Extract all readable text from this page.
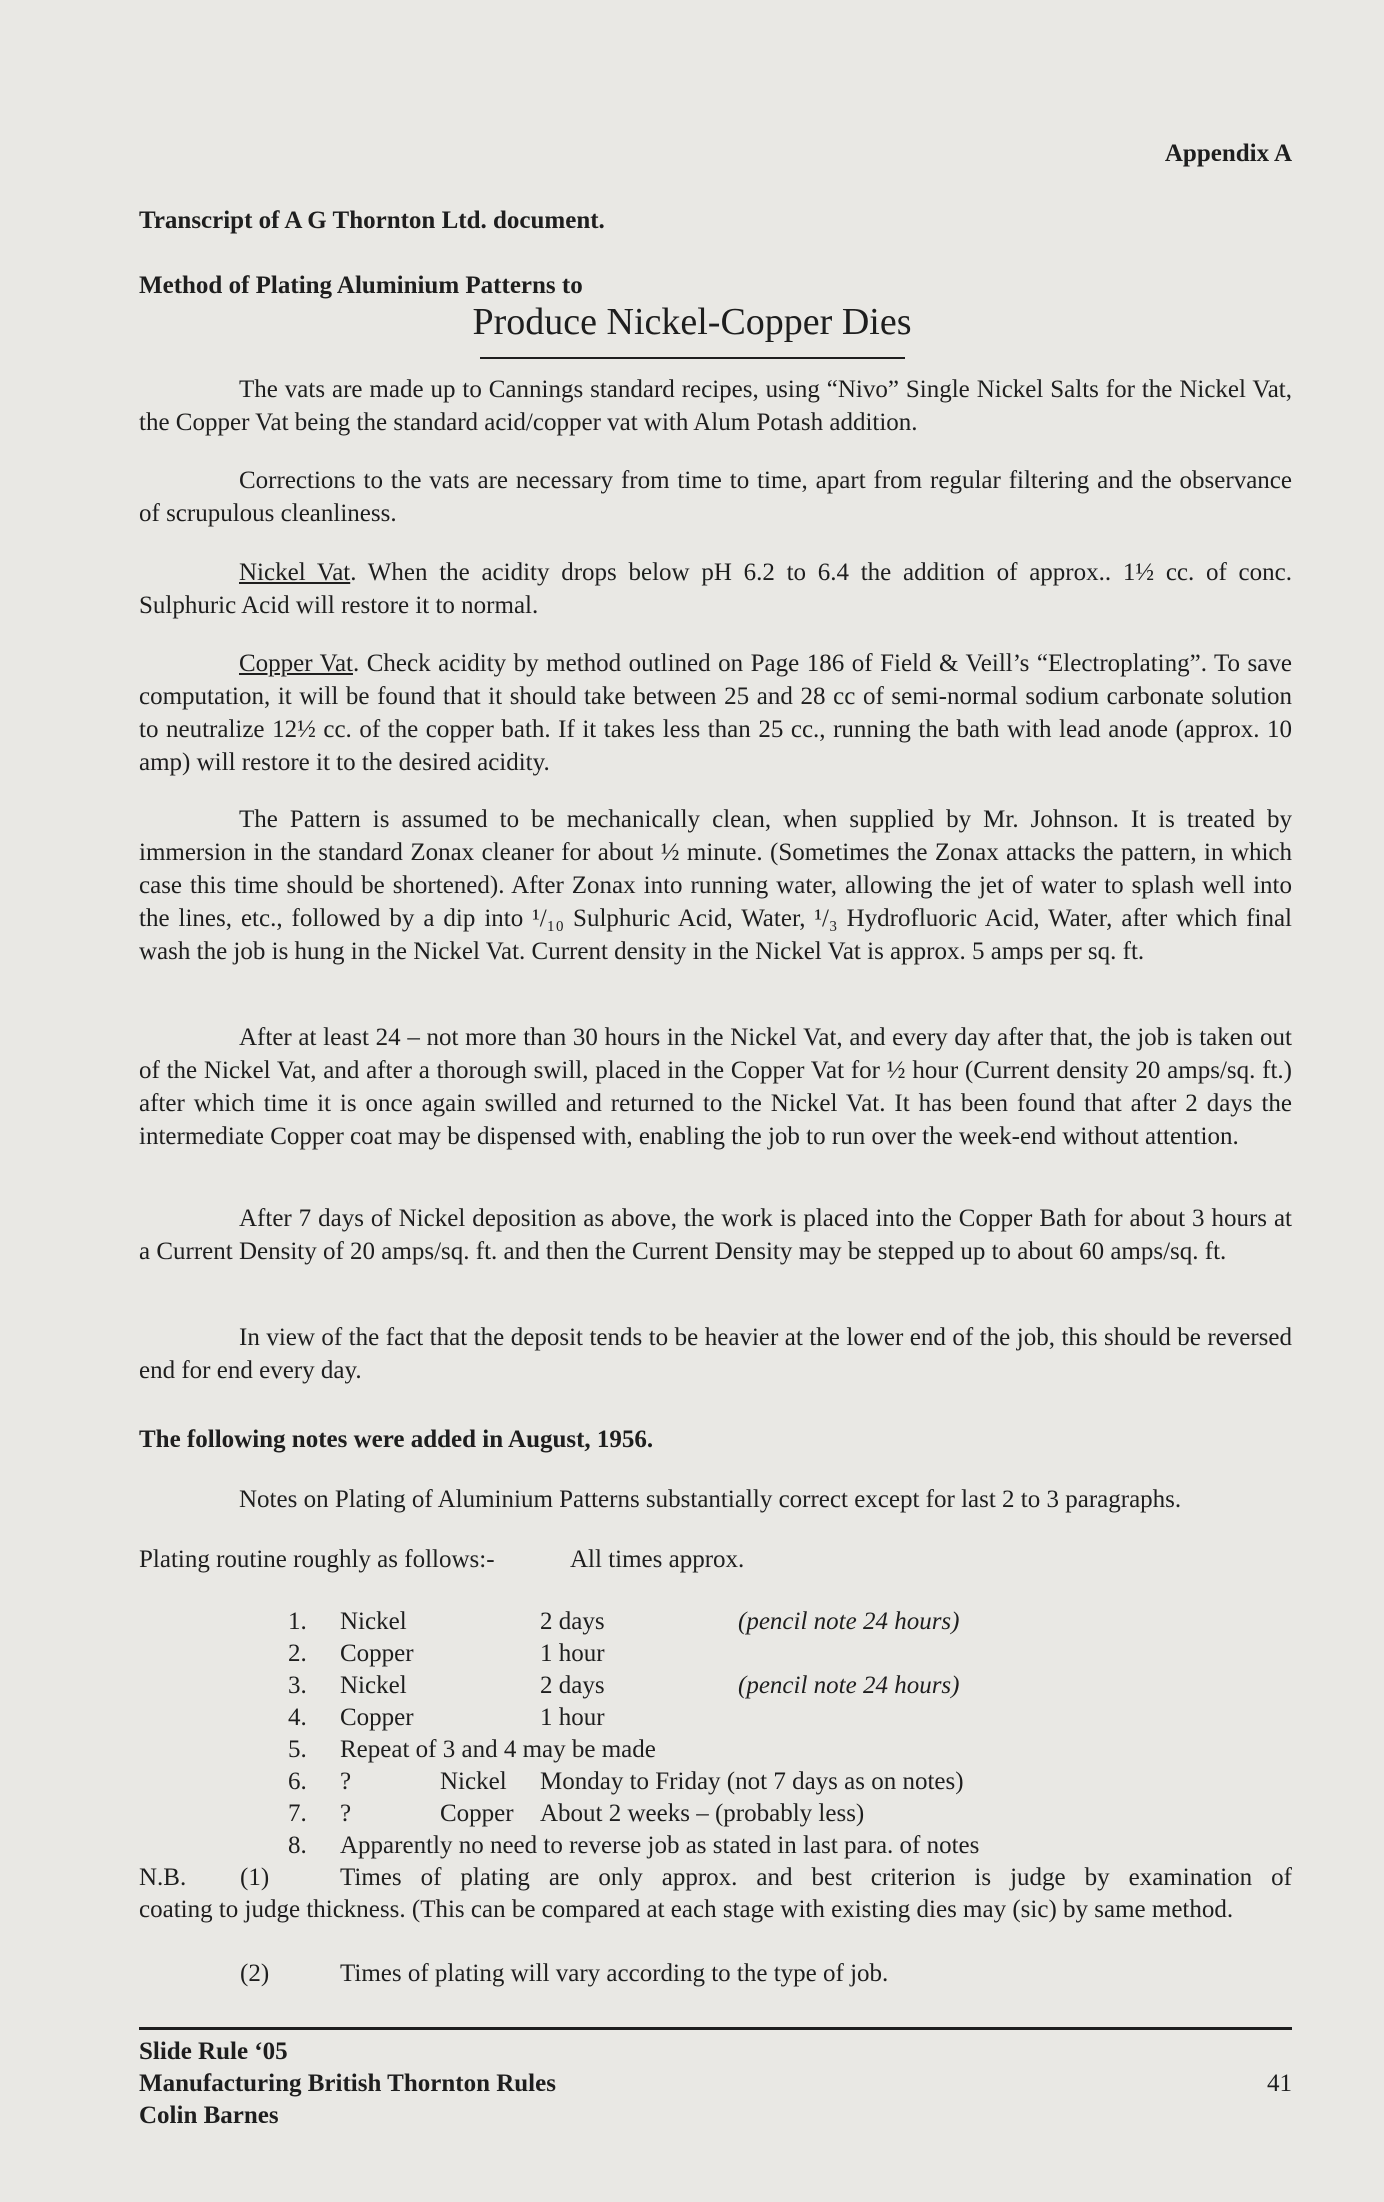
Appendix A
Transcript of A G Thornton Ltd. document.
Method of Plating Aluminium Patterns to
Produce Nickel-Copper Dies
The vats are made up to Cannings standard recipes, using “Nivo” Single Nickel Salts for the Nickel Vat, the Copper Vat being the standard acid/copper vat with Alum Potash addition.
Corrections to the vats are necessary from time to time, apart from regular filtering and the observance of scrupulous cleanliness.
Nickel Vat. When the acidity drops below pH 6.2 to 6.4 the addition of approx.. 1½ cc. of conc. Sulphuric Acid will restore it to normal.
Copper Vat. Check acidity by method outlined on Page 186 of Field & Veill’s “Electroplating”. To save computation, it will be found that it should take between 25 and 28 cc of semi-normal sodium carbonate solution to neutralize 12½ cc. of the copper bath. If it takes less than 25 cc., running the bath with lead anode (approx. 10 amp) will restore it to the desired acidity.
The Pattern is assumed to be mechanically clean, when supplied by Mr. Johnson. It is treated by immersion in the standard Zonax cleaner for about ½ minute. (Sometimes the Zonax attacks the pattern, in which case this time should be shortened). After Zonax into running water, allowing the jet of water to splash well into the lines, etc., followed by a dip into ¹/₁₀ Sulphuric Acid, Water, ¹/₃ Hydrofluoric Acid, Water, after which final wash the job is hung in the Nickel Vat. Current density in the Nickel Vat is approx. 5 amps per sq. ft.
After at least 24 – not more than 30 hours in the Nickel Vat, and every day after that, the job is taken out of the Nickel Vat, and after a thorough swill, placed in the Copper Vat for ½ hour (Current density 20 amps/sq. ft.) after which time it is once again swilled and returned to the Nickel Vat. It has been found that after 2 days the intermediate Copper coat may be dispensed with, enabling the job to run over the week-end without attention.
After 7 days of Nickel deposition as above, the work is placed into the Copper Bath for about 3 hours at a Current Density of 20 amps/sq. ft. and then the Current Density may be stepped up to about 60 amps/sq. ft.
In view of the fact that the deposit tends to be heavier at the lower end of the job, this should be reversed end for end every day.
The following notes were added in August, 1956.
Notes on Plating of Aluminium Patterns substantially correct except for last 2 to 3 paragraphs.
Plating routine roughly as follows:-	All times approx.
1. Nickel	2 days	(pencil note 24 hours)
2. Copper	1 hour
3. Nickel	2 days	(pencil note 24 hours)
4. Copper	1 hour
5. Repeat of 3 and 4 may be made
6. ?	Nickel Monday to Friday (not 7 days as on notes)
7. ?	Copper About 2 weeks – (probably less)
8. Apparently no need to reverse job as stated in last para. of notes
N.B. (1)	Times of plating are only approx. and best criterion is judge by examination of
coating to judge thickness. (This can be compared at each stage with existing dies may (sic) by same method.
(2)	Times of plating will vary according to the type of job.
Slide Rule ‘05
Manufacturing British Thornton Rules
Colin Barnes
41
